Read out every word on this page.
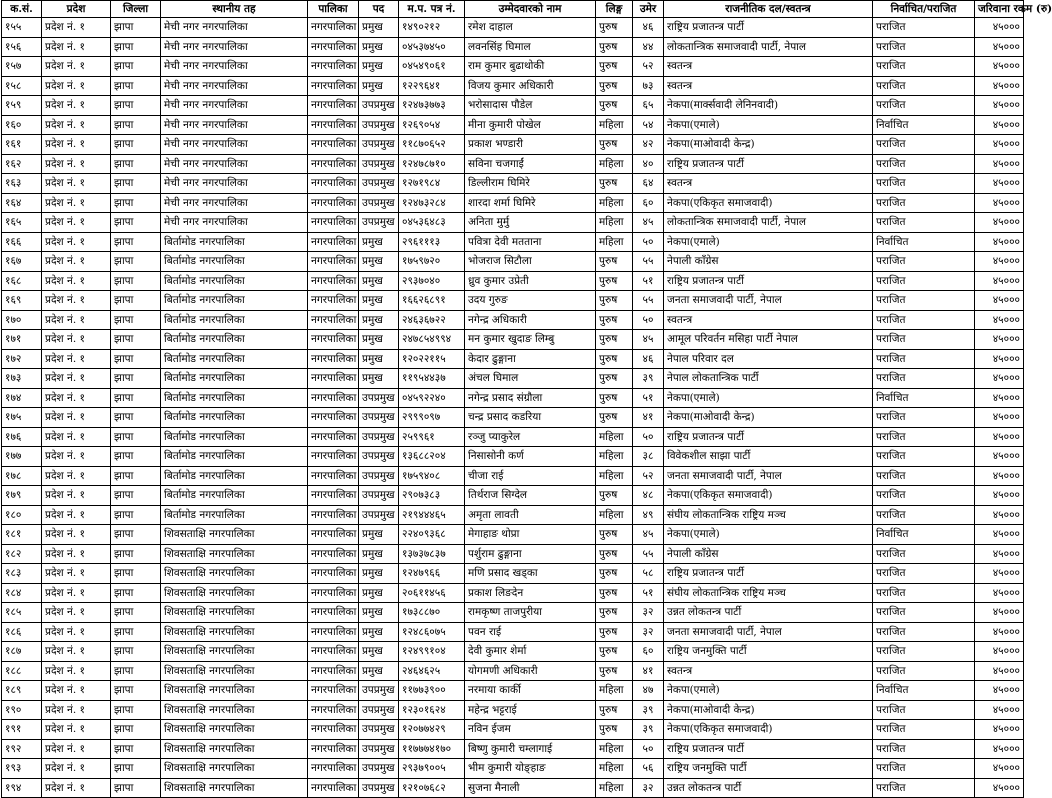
क.सं.	प्रदेश	जिल्ला	स्थानीय तह	पालिका	पद	म.प. पत्र नं.	उम्मेदवारको नाम	लिङ्ग	उमेर	राजनीतिक दल/स्वतन्त्र	निर्वाचित/पराजित	जरिवाना रकम (रु)
१५५	प्रदेश नं. १	झापा	मेची नगर नगरपालिका	नगरपालिका	प्रमुख	१४९०२१२	रमेश दाहाल	पुरुष	४६	राष्ट्रिय प्रजातन्त्र पार्टी	पराजित	४५०००
१५६	प्रदेश नं. १	झापा	मेची नगर नगरपालिका	नगरपालिका	प्रमुख	०४५३७४५०	लवनसिंह घिमाल	पुरुष	४४	लोकतान्त्रिक समाजवादी पार्टी, नेपाल	पराजित	४५०००
१५७	प्रदेश नं. १	झापा	मेची नगर नगरपालिका	नगरपालिका	प्रमुख	०४५४९०६१	राम कुमार बुढाथोकी	पुरुष	५२	स्वतन्त्र	पराजित	४५०००
१५८	प्रदेश नं. १	झापा	मेची नगर नगरपालिका	नगरपालिका	प्रमुख	१२२९६४१	विजय कुमार अधिकारी	पुरुष	७३	स्वतन्त्र	पराजित	४५०००
१५९	प्रदेश नं. १	झापा	मेची नगर नगरपालिका	नगरपालिका	उपप्रमुख	१२४७३७७३	भरोसादास पौडेल	पुरुष	६५	नेकपा(मार्क्सवादी लेनिनवादी)	पराजित	४५०००
१६०	प्रदेश नं. १	झापा	मेची नगर नगरपालिका	नगरपालिका	उपप्रमुख	१२६९०५४	मीना कुमारी पोखेल	महिला	५४	नेकपा(एमाले)	निर्वाचित	४५०००
१६१	प्रदेश नं. १	झापा	मेची नगर नगरपालिका	नगरपालिका	उपप्रमुख	११८७०६५२	प्रकाश भण्डारी	पुरुष	४२	नेकपा(माओवादी केन्द्र)	पराजित	४५०००
१६२	प्रदेश नं. १	झापा	मेची नगर नगरपालिका	नगरपालिका	उपप्रमुख	१२४७८७१०	सविना चजगाईं	महिला	४०	राष्ट्रिय प्रजातन्त्र पार्टी	पराजित	४५०००
१६३	प्रदेश नं. १	झापा	मेची नगर नगरपालिका	नगरपालिका	उपप्रमुख	१२७१९८४	डिल्लीराम घिमिरे	पुरुष	६४	स्वतन्त्र	पराजित	४५०००
१६४	प्रदेश नं. १	झापा	मेची नगर नगरपालिका	नगरपालिका	उपप्रमुख	१२४७३२८४	शारदा शर्मा घिमिरे	महिला	६०	नेकपा(एकिकृत समाजवादी)	पराजित	४५०००
१६५	प्रदेश नं. १	झापा	मेची नगर नगरपालिका	नगरपालिका	उपप्रमुख	०४५३६४८३	अनिता मुर्मु	महिला	४५	लोकतान्त्रिक समाजवादी पार्टी, नेपाल	पराजित	४५०००
१६६	प्रदेश नं. १	झापा	बिर्तामोड नगरपालिका	नगरपालिका	प्रमुख	२९६१११३	पवित्रा देवी मतताना	महिला	५०	नेकपा(एमाले)	निर्वाचित	४५०००
१६७	प्रदेश नं. १	झापा	बिर्तामोड नगरपालिका	नगरपालिका	प्रमुख	१७५९७२०	भोजराज सिटौला	पुरुष	५५	नेपाली काँग्रेस	पराजित	४५०००
१६८	प्रदेश नं. १	झापा	बिर्तामोड नगरपालिका	नगरपालिका	प्रमुख	२९३७०४०	ध्रुव कुमार उप्रेती	पुरुष	५१	राष्ट्रिय प्रजातन्त्र पार्टी	पराजित	४५०००
१६९	प्रदेश नं. १	झापा	बिर्तामोड नगरपालिका	नगरपालिका	प्रमुख	१६६२६८९१	उदय गुरुङ	पुरुष	५५	जनता समाजवादी पार्टी, नेपाल	पराजित	४५०००
१७०	प्रदेश नं. १	झापा	बिर्तामोड नगरपालिका	नगरपालिका	प्रमुख	२४६३६७२२	नगेन्द्र अधिकारी	पुरुष	५०	स्वतन्त्र	पराजित	४५०००
१७१	प्रदेश नं. १	झापा	बिर्तामोड नगरपालिका	नगरपालिका	प्रमुख	२४७८५४९९४	मन कुमार खुदाङ लिम्बु	पुरुष	४५	आमूल परिवर्तन मसिहा पार्टी नेपाल	पराजित	४५०००
१७२	प्रदेश नं. १	झापा	बिर्तामोड नगरपालिका	नगरपालिका	प्रमुख	१२०२२११५	केदार ढुङ्गाना	पुरुष	४६	नेपाल परिवार दल	पराजित	४५०००
१७३	प्रदेश नं. १	झापा	बिर्तामोड नगरपालिका	नगरपालिका	प्रमुख	११९५४४३७	अंचल घिमाल	पुरुष	३९	नेपाल लोकतान्त्रिक पार्टी	पराजित	४५०००
१७४	प्रदेश नं. १	झापा	बिर्तामोड नगरपालिका	नगरपालिका	उपप्रमुख	०४५९२२४०	नगेन्द्र प्रसाद संग्रौला	पुरुष	५१	नेकपा(एमाले)	निर्वाचित	४५०००
१७५	प्रदेश नं. १	झापा	बिर्तामोड नगरपालिका	नगरपालिका	उपप्रमुख	२९९९०९७	चन्द्र प्रसाद कडरिया	पुरुष	४१	नेकपा(माओवादी केन्द्र)	पराजित	४५०००
१७६	प्रदेश नं. १	झापा	बिर्तामोड नगरपालिका	नगरपालिका	उपप्रमुख	२५९९६१	रञ्जु प्याकुरेल	महिला	५०	राष्ट्रिय प्रजातन्त्र पार्टी	पराजित	४५०००
१७७	प्रदेश नं. १	झापा	बिर्तामोड नगरपालिका	नगरपालिका	उपप्रमुख	१३६८८२०४	निसासोनी कर्ण	महिला	३८	विवेकशील साझा पार्टी	पराजित	४५०००
१७८	प्रदेश नं. १	झापा	बिर्तामोड नगरपालिका	नगरपालिका	उपप्रमुख	१७५९४०८	चीजा राई	महिला	५२	जनता समाजवादी पार्टी, नेपाल	पराजित	४५०००
१७९	प्रदेश नं. १	झापा	बिर्तामोड नगरपालिका	नगरपालिका	उपप्रमुख	२९०७३८३	तिर्थराज सिग्देल	पुरुष	४८	नेकपा(एकिकृत समाजवादी)	पराजित	४५०००
१८०	प्रदेश नं. १	झापा	बिर्तामोड नगरपालिका	नगरपालिका	उपप्रमुख	२१९४४४६५	अमृता लावती	महिला	४९	संघीय लोकतान्त्रिक राष्ट्रिय मञ्च	पराजित	४५०००
१८१	प्रदेश नं. १	झापा	शिवसताक्षि नगरपालिका	नगरपालिका	प्रमुख	२२४०९३६८	मेगाहाङ थोप्रा	पुरुष	४५	नेकपा(एमाले)	निर्वाचित	४५०००
१८२	प्रदेश नं. १	झापा	शिवसताक्षि नगरपालिका	नगरपालिका	प्रमुख	१३७३७८३७	पर्शुराम ढुङ्गाना	पुरुष	५५	नेपाली काँग्रेस	पराजित	४५०००
१८३	प्रदेश नं. १	झापा	शिवसताक्षि नगरपालिका	नगरपालिका	प्रमुख	१२४७९६६	मणि प्रसाद खड्का	पुरुष	५८	राष्ट्रिय प्रजातन्त्र पार्टी	पराजित	४५०००
१८४	प्रदेश नं. १	झापा	शिवसताक्षि नगरपालिका	नगरपालिका	प्रमुख	२०६११४५६	प्रकाश लिङदेन	पुरुष	५१	संघीय लोकतान्त्रिक राष्ट्रिय मञ्च	पराजित	४५०००
१८५	प्रदेश नं. १	झापा	शिवसताक्षि नगरपालिका	नगरपालिका	प्रमुख	१७३८८७०	रामकृष्ण ताजपुरीया	पुरुष	३२	उन्नत लोकतन्त्र पार्टी	पराजित	४५०००
१८६	प्रदेश नं. १	झापा	शिवसताक्षि नगरपालिका	नगरपालिका	प्रमुख	१२४८६०७५	पवन राई	पुरुष	३२	जनता समाजवादी पार्टी, नेपाल	पराजित	४५०००
१८७	प्रदेश नं. १	झापा	शिवसताक्षि नगरपालिका	नगरपालिका	प्रमुख	१२४९९१०४	देवी कुमार शेर्मा	पुरुष	६०	राष्ट्रिय जनमुक्ति पार्टी	पराजित	४५०००
१८८	प्रदेश नं. १	झापा	शिवसताक्षि नगरपालिका	नगरपालिका	प्रमुख	२४६४६२५	योगमणी अधिकारी	पुरुष	४१	स्वतन्त्र	पराजित	४५०००
१८९	प्रदेश नं. १	झापा	शिवसताक्षि नगरपालिका	नगरपालिका	उपप्रमुख	११७७३९००	नरमाया कार्की	महिला	४७	नेकपा(एमाले)	निर्वाचित	४५०००
१९०	प्रदेश नं. १	झापा	शिवसताक्षि नगरपालिका	नगरपालिका	उपप्रमुख	१२३०१६२४	महेन्द्र भट्टराई	पुरुष	३९	नेकपा(माओवादी केन्द्र)	पराजित	४५०००
१९१	प्रदेश नं. १	झापा	शिवसताक्षि नगरपालिका	नगरपालिका	उपप्रमुख	१२०७७४२९	नविन ईजम	पुरुष	३९	नेकपा(एकिकृत समाजवादी)	पराजित	४५०००
१९२	प्रदेश नं. १	झापा	शिवसताक्षि नगरपालिका	नगरपालिका	उपप्रमुख	११७७७४१७०	बिष्णु कुमारी चम्लागाई	महिला	५०	राष्ट्रिय प्रजातन्त्र पार्टी	पराजित	४५०००
१९३	प्रदेश नं. १	झापा	शिवसताक्षि नगरपालिका	नगरपालिका	उपप्रमुख	२९३७९००५	भीम कुमारी योङ्हाङ	महिला	५६	राष्ट्रिय जनमुक्ति पार्टी	पराजित	४५०००
१९४	प्रदेश नं. १	झापा	शिवसताक्षि नगरपालिका	नगरपालिका	उपप्रमुख	१२१०७६८२	सुजना मैनाली	महिला	३२	उन्नत लोकतन्त्र पार्टी	पराजित	४५०००
